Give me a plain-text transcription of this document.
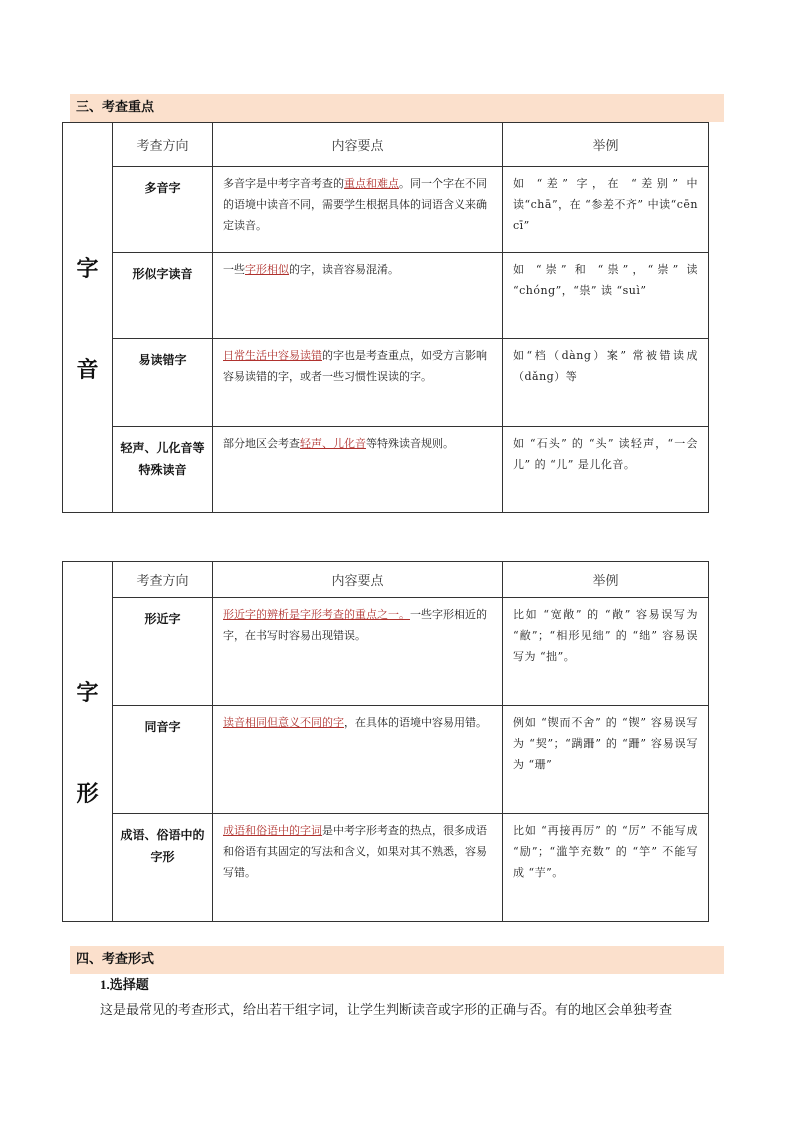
三、考查重点
字
音	考查方向	内容要点	举例
	多音字	多音字是中考字音考查的重点和难点。同一个字在不同的语境中读音不同，需要学生根据具体的词语含义来确定读音。	如 “差” 字，在 “差别” 中读“chā”，在 “参差不齐” 中读“cēn cī”
	形似字读音	一些字形相似的字，读音容易混淆。	如 “崇” 和 “祟”，“崇” 读 “chóng”，“祟” 读 “suì”
	易读错字	日常生活中容易读错的字也是考查重点，如受方言影响容易读错的字，或者一些习惯性误读的字。	如“档（dàng）案” 常被错读成（dǎng）等
	轻声、儿化音等特殊读音	部分地区会考查轻声、儿化音等特殊读音规则。	如 “石头” 的 “头” 读轻声，“一会儿” 的 “儿” 是儿化音。
字
形	考查方向	内容要点	举例
	形近字	形近字的辨析是字形考查的重点之一。一些字形相近的字，在书写时容易出现错误。	比如 “宽敞” 的 “敞” 容易误写为 “敝”；“相形见绌” 的 “绌” 容易误写为 “拙”。
	同音字	读音相同但意义不同的字，在具体的语境中容易用错。	例如 “锲而不舍” 的 “锲” 容易误写为 “契”；“蹒跚” 的 “跚” 容易误写为 “珊”
	成语、俗语中的字形	成语和俗语中的字词是中考字形考查的热点，很多成语和俗语有其固定的写法和含义，如果对其不熟悉，容易写错。	比如 “再接再厉” 的 “厉” 不能写成 “励”；“滥竽充数” 的 “竽” 不能写成 “芋”。
四、考查形式
1.选择题
这是最常见的考查形式，给出若干组字词，让学生判断读音或字形的正确与否。有的地区会单独考查
